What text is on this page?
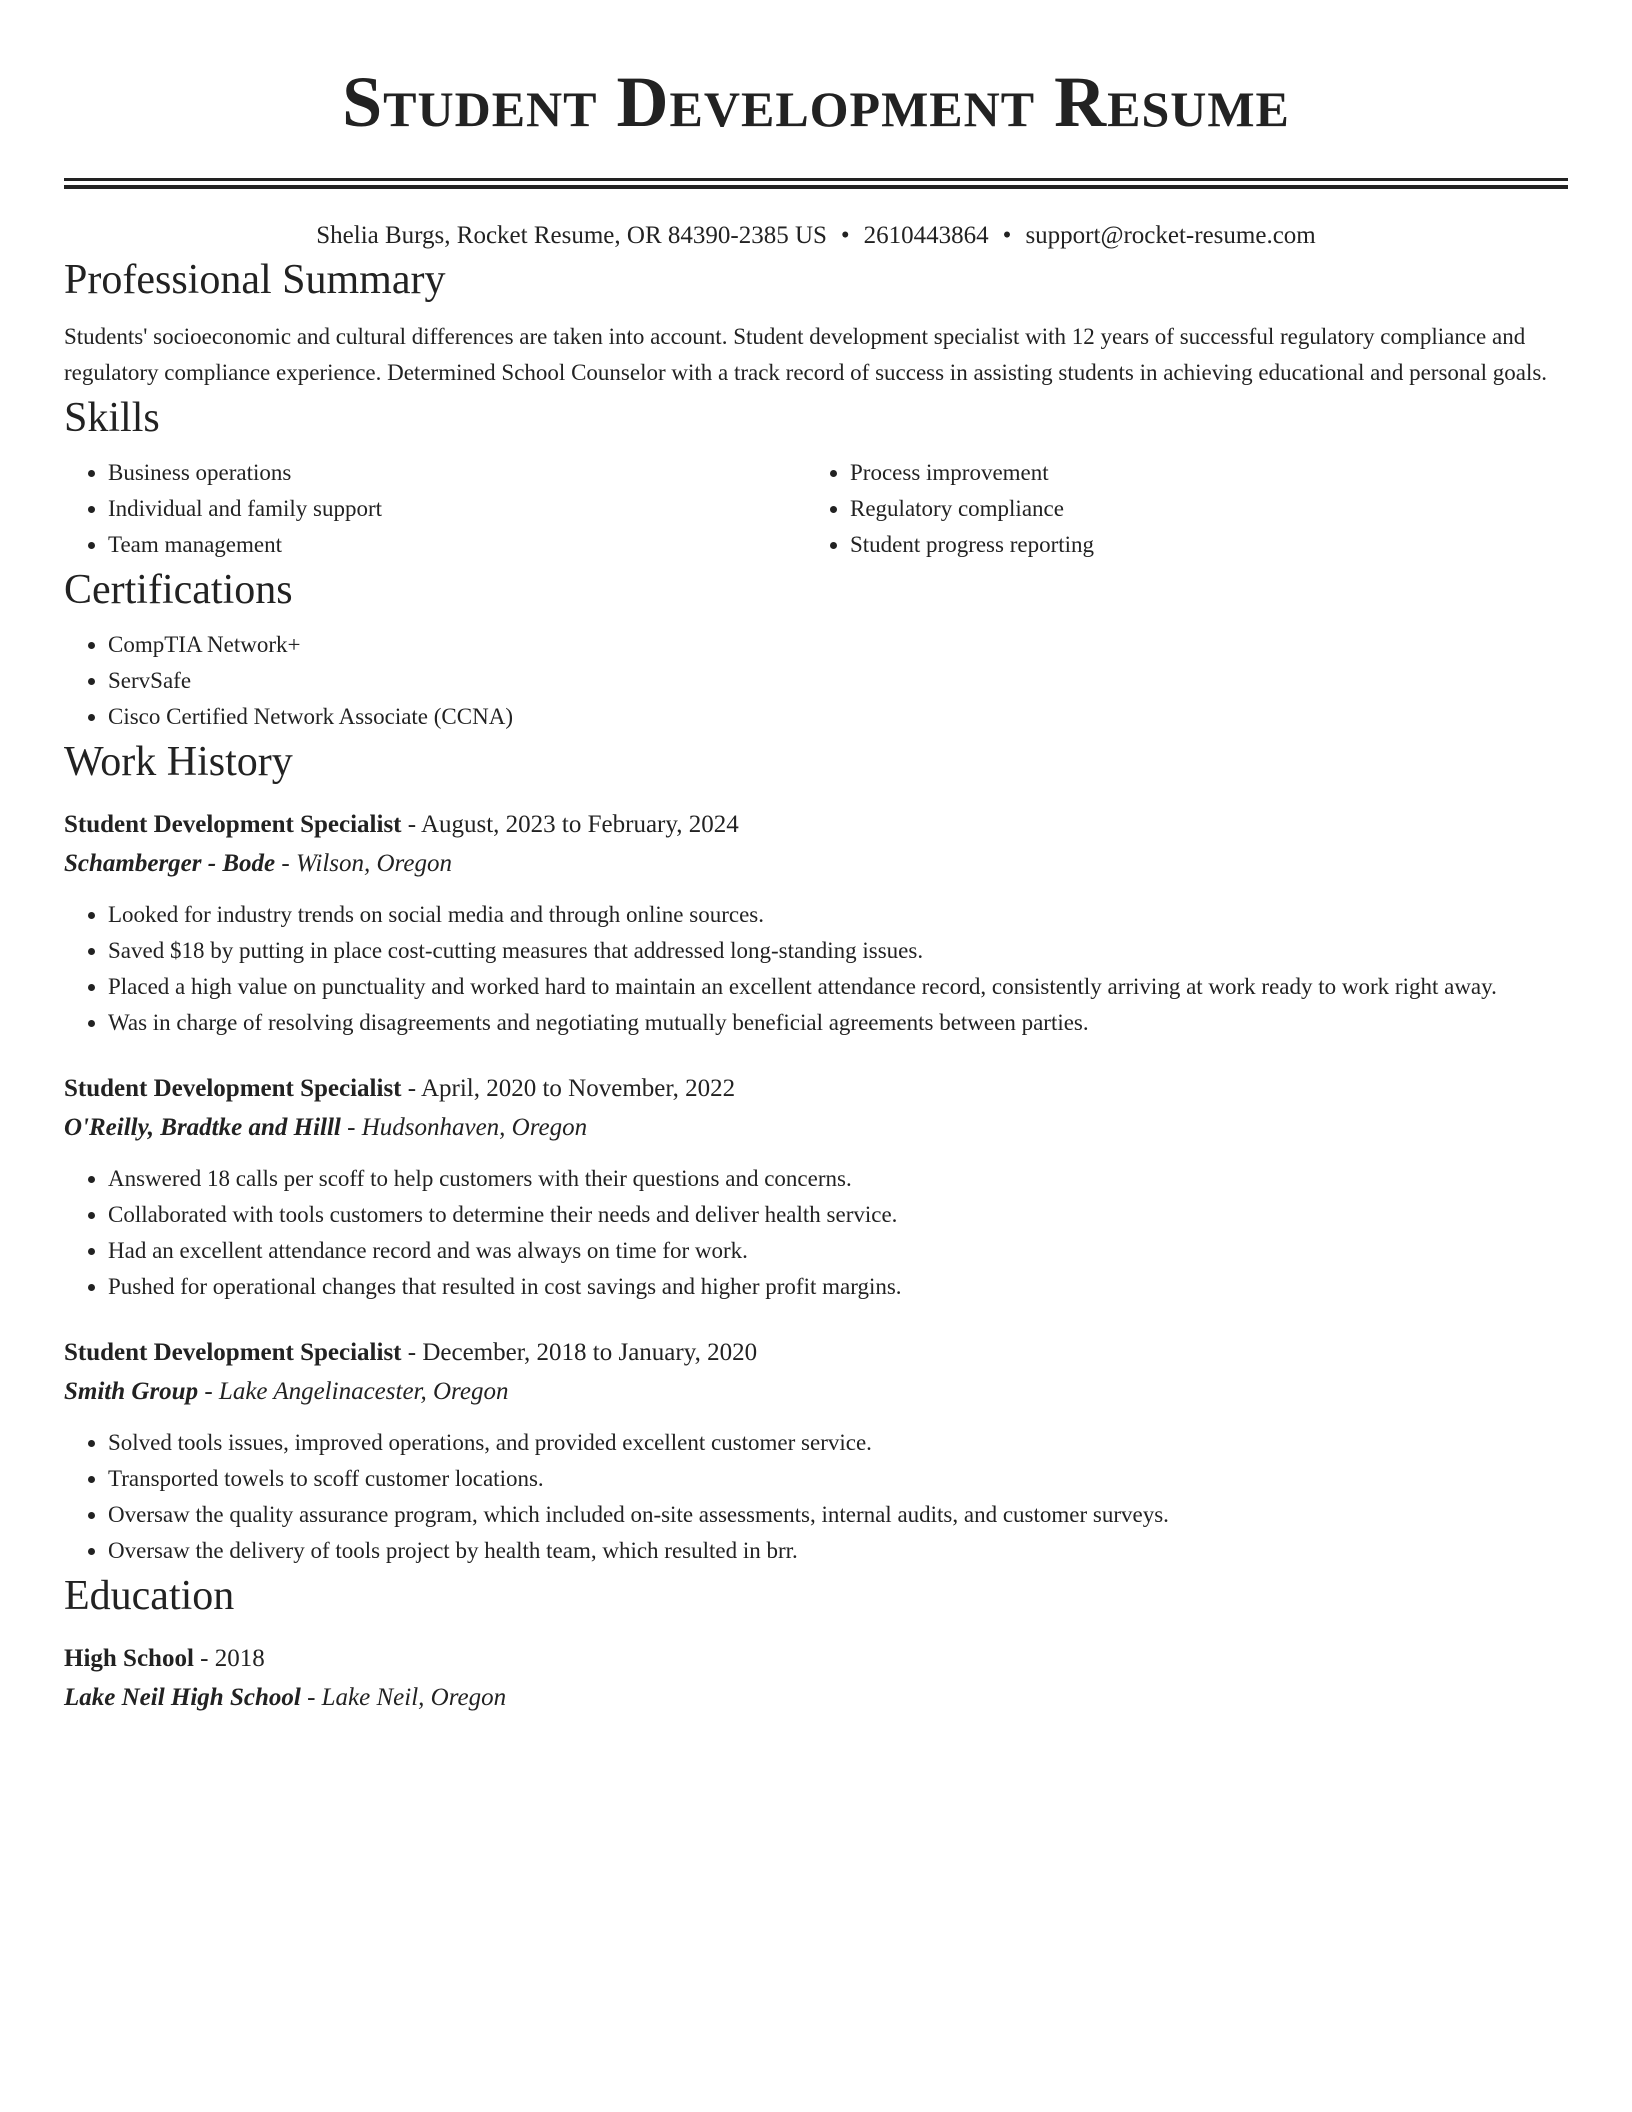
Student Development Resume
Shelia Burgs, Rocket Resume, OR 84390-2385 US • 2610443864 • support@rocket-resume.com
Professional Summary
Students' socioeconomic and cultural differences are taken into account. Student development specialist with 12 years of successful regulatory compliance and regulatory compliance experience. Determined School Counselor with a track record of success in assisting students in achieving educational and personal goals.
Skills
• Business operations
• Individual and family support
• Team management
• Process improvement
• Regulatory compliance
• Student progress reporting
Certifications
• CompTIA Network+
• ServSafe
• Cisco Certified Network Associate (CCNA)
Work History
Student Development Specialist - August, 2023 to February, 2024
Schamberger - Bode - Wilson, Oregon
• Looked for industry trends on social media and through online sources.
• Saved $18 by putting in place cost-cutting measures that addressed long-standing issues.
• Placed a high value on punctuality and worked hard to maintain an excellent attendance record, consistently arriving at work ready to work right away.
• Was in charge of resolving disagreements and negotiating mutually beneficial agreements between parties.
Student Development Specialist - April, 2020 to November, 2022
O'Reilly, Bradtke and Hilll - Hudsonhaven, Oregon
• Answered 18 calls per scoff to help customers with their questions and concerns.
• Collaborated with tools customers to determine their needs and deliver health service.
• Had an excellent attendance record and was always on time for work.
• Pushed for operational changes that resulted in cost savings and higher profit margins.
Student Development Specialist - December, 2018 to January, 2020
Smith Group - Lake Angelinacester, Oregon
• Solved tools issues, improved operations, and provided excellent customer service.
• Transported towels to scoff customer locations.
• Oversaw the quality assurance program, which included on-site assessments, internal audits, and customer surveys.
• Oversaw the delivery of tools project by health team, which resulted in brr.
Education
High School - 2018
Lake Neil High School - Lake Neil, Oregon
